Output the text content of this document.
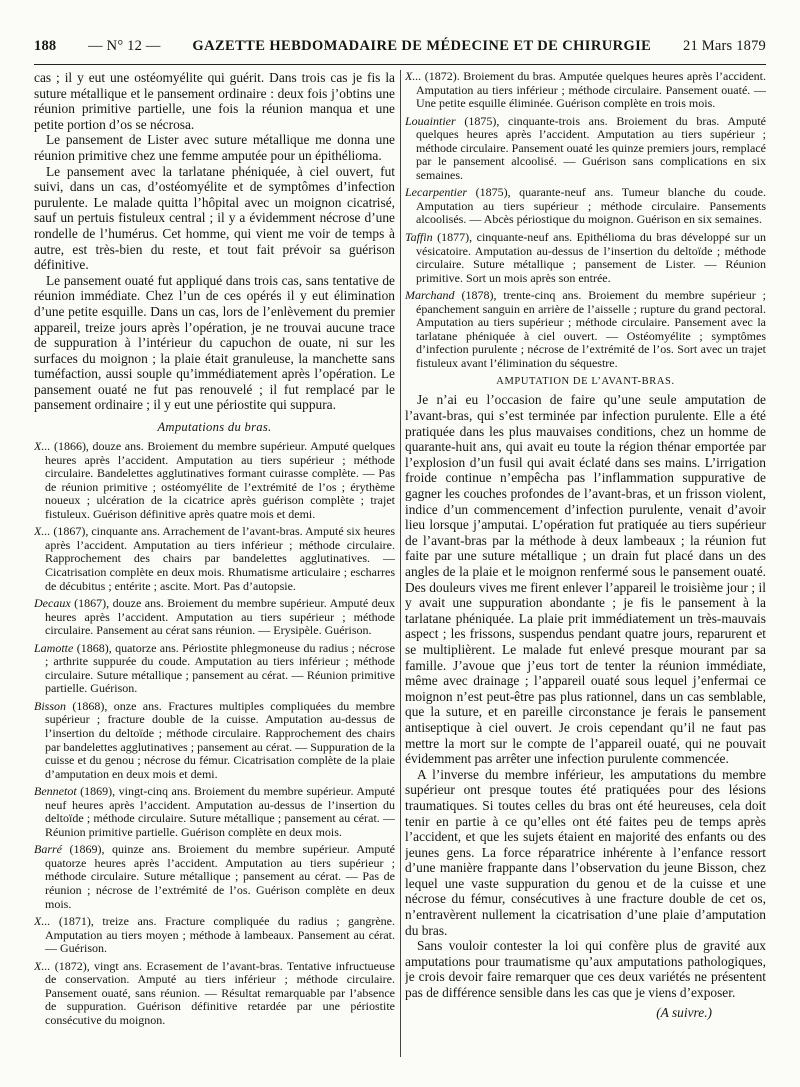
188 — N° 12 — GAZETTE HEBDOMADAIRE DE MÉDECINE ET DE CHIRURGIE 21 Mars 1879

cas ; il y eut une ostéomyélite qui guérit. Dans trois cas je fis la suture métallique et le pansement ordinaire : deux fois j’obtins une réunion primitive partielle, une fois la réunion manqua et une petite portion d’os se nécrosa.

Le pansement de Lister avec suture métallique me donna une réunion primitive chez une femme amputée pour un épithélioma.

Le pansement avec la tarlatane phéniquée, à ciel ouvert, fut suivi, dans un cas, d’ostéomyélite et de symptômes d’infection purulente. Le malade quitta l’hôpital avec un moignon cicatrisé, sauf un pertuis fistuleux central ; il y a évidemment nécrose d’une rondelle de l’humérus. Cet homme, qui vient me voir de temps à autre, est très-bien du reste, et tout fait prévoir sa guérison définitive.

Le pansement ouaté fut appliqué dans trois cas, sans tentative de réunion immédiate. Chez l’un de ces opérés il y eut élimination d’une petite esquille. Dans un cas, lors de l’enlèvement du premier appareil, treize jours après l’opération, je ne trouvai aucune trace de suppuration à l’intérieur du capuchon de ouate, ni sur les surfaces du moignon ; la plaie était granuleuse, la manchette sans tuméfaction, aussi souple qu’immédiatement après l’opération. Le pansement ouaté ne fut pas renouvelé ; il fut remplacé par le pansement ordinaire ; il y eut une périostite qui suppura.

Amputations du bras.

X... (1866), douze ans. Broiement du membre supérieur. Amputé quelques heures après l’accident. Amputation au tiers supérieur ; méthode circulaire. Bandelettes agglutinatives formant cuirasse complète. — Pas de réunion primitive ; ostéomyélite de l’extrémité de l’os ; érythème noueux ; ulcération de la cicatrice après guérison complète ; trajet fistuleux. Guérison définitive après quatre mois et demi.

X... (1867), cinquante ans. Arrachement de l’avant-bras. Amputé six heures après l’accident. Amputation au tiers inférieur ; méthode circulaire. Rapprochement des chairs par bandelettes agglutinatives. — Cicatrisation complète en deux mois. Rhumatisme articulaire ; escharres de décubitus ; entérite ; ascite. Mort. Pas d’autopsie.

Decaux (1867), douze ans. Broiement du membre supérieur. Amputé deux heures après l’accident. Amputation au tiers supérieur ; méthode circulaire. Pansement au cérat sans réunion. — Erysipèle. Guérison.

Lamotte (1868), quatorze ans. Périostite phlegmoneuse du radius ; nécrose ; arthrite suppurée du coude. Amputation au tiers inférieur ; méthode circulaire. Suture métallique ; pansement au cérat. — Réunion primitive partielle. Guérison.

Bisson (1868), onze ans. Fractures multiples compliquées du membre supérieur ; fracture double de la cuisse. Amputation au-dessus de l’insertion du deltoïde ; méthode circulaire. Rapprochement des chairs par bandelettes agglutinatives ; pansement au cérat. — Suppuration de la cuisse et du genou ; nécrose du fémur. Cicatrisation complète de la plaie d’amputation en deux mois et demi.

Bennetot (1869), vingt-cinq ans. Broiement du membre supérieur. Amputé neuf heures après l’accident. Amputation au-dessus de l’insertion du deltoïde ; méthode circulaire. Suture métallique ; pansement au cérat. — Réunion primitive partielle. Guérison complète en deux mois.

Barré (1869), quinze ans. Broiement du membre supérieur. Amputé quatorze heures après l’accident. Amputation au tiers supérieur ; méthode circulaire. Suture métallique ; pansement au cérat. — Pas de réunion ; nécrose de l’extrémité de l’os. Guérison complète en deux mois.

X... (1871), treize ans. Fracture compliquée du radius ; gangrène. Amputation au tiers moyen ; méthode à lambeaux. Pansement au cérat. — Guérison.

X... (1872), vingt ans. Ecrasement de l’avant-bras. Tentative infructueuse de conservation. Amputé au tiers inférieur ; méthode circulaire. Pansement ouaté, sans réunion. — Résultat remarquable par l’absence de suppuration. Guérison définitive retardée par une périostite consécutive du moignon.

X... (1872). Broiement du bras. Amputée quelques heures après l’accident. Amputation au tiers inférieur ; méthode circulaire. Pansement ouaté. — Une petite esquille éliminée. Guérison complète en trois mois.

Louaintier (1875), cinquante-trois ans. Broiement du bras. Amputé quelques heures après l’accident. Amputation au tiers supérieur ; méthode circulaire. Pansement ouaté les quinze premiers jours, remplacé par le pansement alcoolisé. — Guérison sans complications en six semaines.

Lecarpentier (1875), quarante-neuf ans. Tumeur blanche du coude. Amputation au tiers supérieur ; méthode circulaire. Pansements alcoolisés. — Abcès périostique du moignon. Guérison en six semaines.

Taffin (1877), cinquante-neuf ans. Epithélioma du bras développé sur un vésicatoire. Amputation au-dessus de l’insertion du deltoïde ; méthode circulaire. Suture métallique ; pansement de Lister. — Réunion primitive. Sort un mois après son entrée.

Marchand (1878), trente-cinq ans. Broiement du membre supérieur ; épanchement sanguin en arrière de l’aisselle ; rupture du grand pectoral. Amputation au tiers supérieur ; méthode circulaire. Pansement avec la tarlatane phéniquée à ciel ouvert. — Ostéomyélite ; symptômes d’infection purulente ; nécrose de l’extrémité de l’os. Sort avec un trajet fistuleux avant l’élimination du séquestre.

AMPUTATION DE L’AVANT-BRAS.

Je n’ai eu l’occasion de faire qu’une seule amputation de l’avant-bras, qui s’est terminée par infection purulente. Elle a été pratiquée dans les plus mauvaises conditions, chez un homme de quarante-huit ans, qui avait eu toute la région thénar emportée par l’explosion d’un fusil qui avait éclaté dans ses mains. L’irrigation froide continue n’empêcha pas l’inflammation suppurative de gagner les couches profondes de l’avant-bras, et un frisson violent, indice d’un commencement d’infection purulente, venait d’avoir lieu lorsque j’amputai. L’opération fut pratiquée au tiers supérieur de l’avant-bras par la méthode à deux lambeaux ; la réunion fut faite par une suture métallique ; un drain fut placé dans un des angles de la plaie et le moignon renfermé sous le pansement ouaté. Des douleurs vives me firent enlever l’appareil le troisième jour ; il y avait une suppuration abondante ; je fis le pansement à la tarlatane phéniquée. La plaie prit immédiatement un très-mauvais aspect ; les frissons, suspendus pendant quatre jours, reparurent et se multiplièrent. Le malade fut enlevé presque mourant par sa famille. J’avoue que j’eus tort de tenter la réunion immédiate, même avec drainage ; l’appareil ouaté sous lequel j’enfermai ce moignon n’est peut-être pas plus rationnel, dans un cas semblable, que la suture, et en pareille circonstance je ferais le pansement antiseptique à ciel ouvert. Je crois cependant qu’il ne faut pas mettre la mort sur le compte de l’appareil ouaté, qui ne pouvait évidemment pas arrêter une infection purulente commencée.

A l’inverse du membre inférieur, les amputations du membre supérieur ont presque toutes été pratiquées pour des lésions traumatiques. Si toutes celles du bras ont été heureuses, cela doit tenir en partie à ce qu’elles ont été faites peu de temps après l’accident, et que les sujets étaient en majorité des enfants ou des jeunes gens. La force réparatrice inhérente à l’enfance ressort d’une manière frappante dans l’observation du jeune Bisson, chez lequel une vaste suppuration du genou et de la cuisse et une nécrose du fémur, consécutives à une fracture double de cet os, n’entravèrent nullement la cicatrisation d’une plaie d’amputation du bras.

Sans vouloir contester la loi qui confère plus de gravité aux amputations pour traumatisme qu’aux amputations pathologiques, je crois devoir faire remarquer que ces deux variétés ne présentent pas de différence sensible dans les cas que je viens d’exposer.

(A suivre.)
